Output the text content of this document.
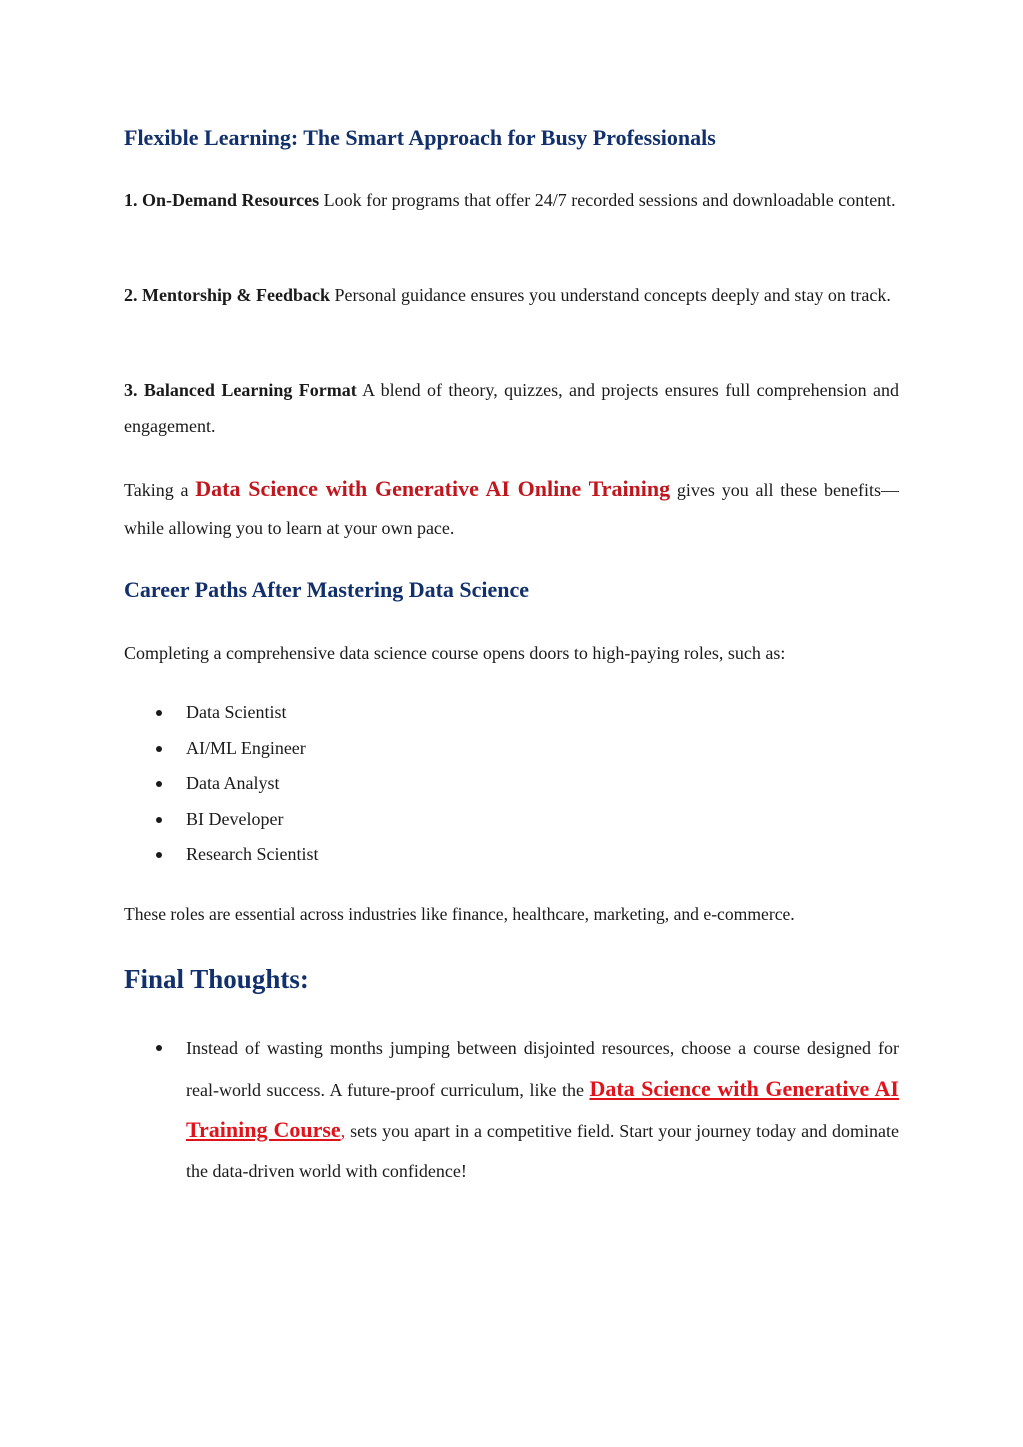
Flexible Learning: The Smart Approach for Busy Professionals

1. On-Demand Resources Look for programs that offer 24/7 recorded sessions and downloadable content.

2. Mentorship & Feedback Personal guidance ensures you understand concepts deeply and stay on track.

3. Balanced Learning Format A blend of theory, quizzes, and projects ensures full comprehension and engagement.

Taking a Data Science with Generative AI Online Training gives you all these benefits—while allowing you to learn at your own pace.

Career Paths After Mastering Data Science

Completing a comprehensive data science course opens doors to high-paying roles, such as:

Data Scientist
AI/ML Engineer
Data Analyst
BI Developer
Research Scientist

These roles are essential across industries like finance, healthcare, marketing, and e-commerce.

Final Thoughts:

Instead of wasting months jumping between disjointed resources, choose a course designed for real-world success. A future-proof curriculum, like the Data Science with Generative AI Training Course, sets you apart in a competitive field. Start your journey today and dominate the data-driven world with confidence!
